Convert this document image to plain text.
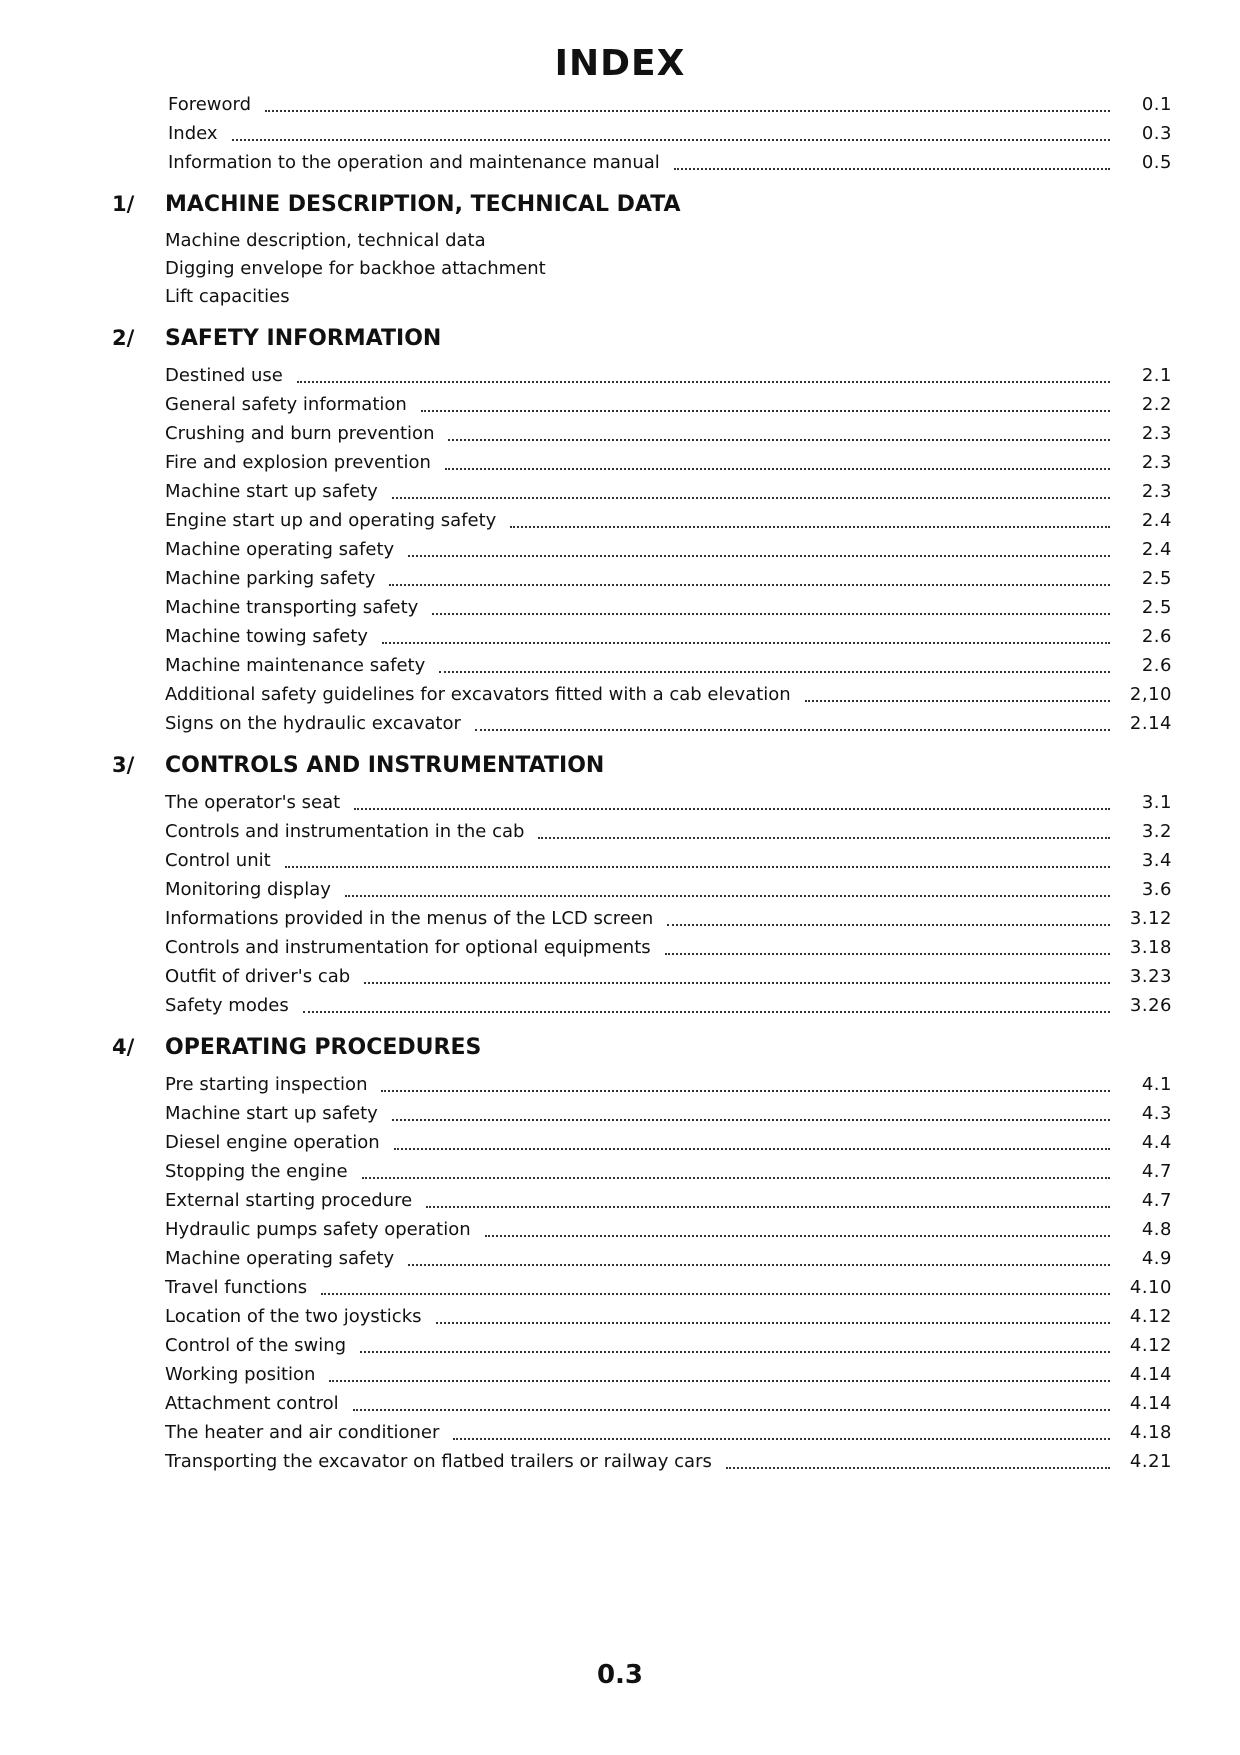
INDEX
Foreword	0.1
Index	0.3
Information to the operation and maintenance manual	0.5
1/	MACHINE DESCRIPTION, TECHNICAL DATA
Machine description, technical data
Digging envelope for backhoe attachment
Lift capacities
2/	SAFETY INFORMATION
Destined use	2.1
General safety information	2.2
Crushing and burn prevention	2.3
Fire and explosion prevention	2.3
Machine start up safety	2.3
Engine start up and operating safety	2.4
Machine operating safety	2.4
Machine parking safety	2.5
Machine transporting safety	2.5
Machine towing safety	2.6
Machine maintenance safety	2.6
Additional safety guidelines for excavators fitted with a cab elevation	2,10
Signs on the hydraulic excavator	2.14
3/	CONTROLS AND INSTRUMENTATION
The operator's seat	3.1
Controls and instrumentation in the cab	3.2
Control unit	3.4
Monitoring display	3.6
Informations provided in the menus of the LCD screen	3.12
Controls and instrumentation for optional equipments	3.18
Outfit of driver's cab	3.23
Safety modes	3.26
4/	OPERATING PROCEDURES
Pre starting inspection	4.1
Machine start up safety	4.3
Diesel engine operation	4.4
Stopping the engine	4.7
External starting procedure	4.7
Hydraulic pumps safety operation	4.8
Machine operating safety	4.9
Travel functions	4.10
Location of the two joysticks	4.12
Control of the swing	4.12
Working position	4.14
Attachment control	4.14
The heater and air conditioner	4.18
Transporting the excavator on flatbed trailers or railway cars	4.21
0.3
